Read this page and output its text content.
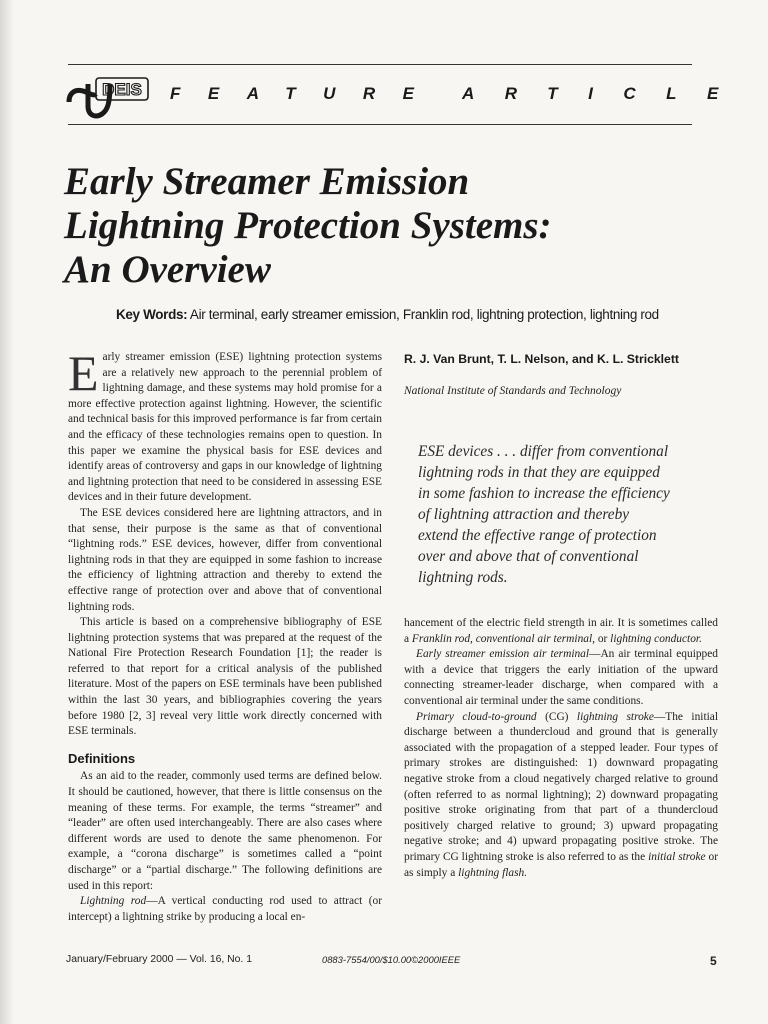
DEIS FEATURE ARTICLE
Early Streamer Emission
Lightning Protection Systems:
An Overview
Key Words: Air terminal, early streamer emission, Franklin rod, lightning protection, lightning rod

Early streamer emission (ESE) lightning protection systems are a relatively new approach to the perennial problem of lightning damage, and these systems may hold promise for a more effective protection against lightning. However, the scientific and technical basis for this improved performance is far from certain and the efficacy of these technologies remains open to question. In this paper we examine the physical basis for ESE devices and identify areas of controversy and gaps in our knowledge of lightning and lightning protection that need to be considered in assessing ESE devices and in their future development.

The ESE devices considered here are lightning attractors, and in that sense, their purpose is the same as that of conventional “lightning rods.” ESE devices, however, differ from conventional lightning rods in that they are equipped in some fashion to increase the efficiency of lightning attraction and thereby to extend the effective range of protection over and above that of conventional lightning rods.

This article is based on a comprehensive bibliography of ESE lightning protection systems that was prepared at the request of the National Fire Protection Research Foundation [1]; the reader is referred to that report for a critical analysis of the published literature. Most of the papers on ESE terminals have been published within the last 30 years, and bibliographies covering the years before 1980 [2, 3] reveal very little work directly concerned with ESE terminals.

Definitions

As an aid to the reader, commonly used terms are defined below. It should be cautioned, however, that there is little consensus on the meaning of these terms. For example, the terms “streamer” and “leader” are often used interchangeably. There are also cases where different words are used to denote the same phenomenon. For example, a “corona discharge” is sometimes called a “point discharge” or a “partial discharge.” The following definitions are used in this report:

Lightning rod—A vertical conducting rod used to attract (or intercept) a lightning strike by producing a local en-

R. J. Van Brunt, T. L. Nelson, and K. L. Stricklett
National Institute of Standards and Technology
ESE devices . . . differ from conventional
lightning rods in that they are equipped
in some fashion to increase the efficiency
of lightning attraction and thereby
extend the effective range of protection
over and above that of conventional
lightning rods.

hancement of the electric field strength in air. It is sometimes called a Franklin rod, conventional air terminal, or lightning conductor.

Early streamer emission air terminal—An air terminal equipped with a device that triggers the early initiation of the upward connecting streamer-leader discharge, when compared with a conventional air terminal under the same conditions.

Primary cloud-to-ground (CG) lightning stroke—The initial discharge between a thundercloud and ground that is generally associated with the propagation of a stepped leader. Four types of primary strokes are distinguished: 1) downward propagating negative stroke from a cloud negatively charged relative to ground (often referred to as normal lightning); 2) downward propagating positive stroke originating from that part of a thundercloud positively charged relative to ground; 3) upward propagating negative stroke; and 4) upward propagating positive stroke. The primary CG lightning stroke is also referred to as the initial stroke or as simply a lightning flash.

January/February 2000 — Vol. 16, No. 1	0883-7554/00/$10.00©2000IEEE	5
